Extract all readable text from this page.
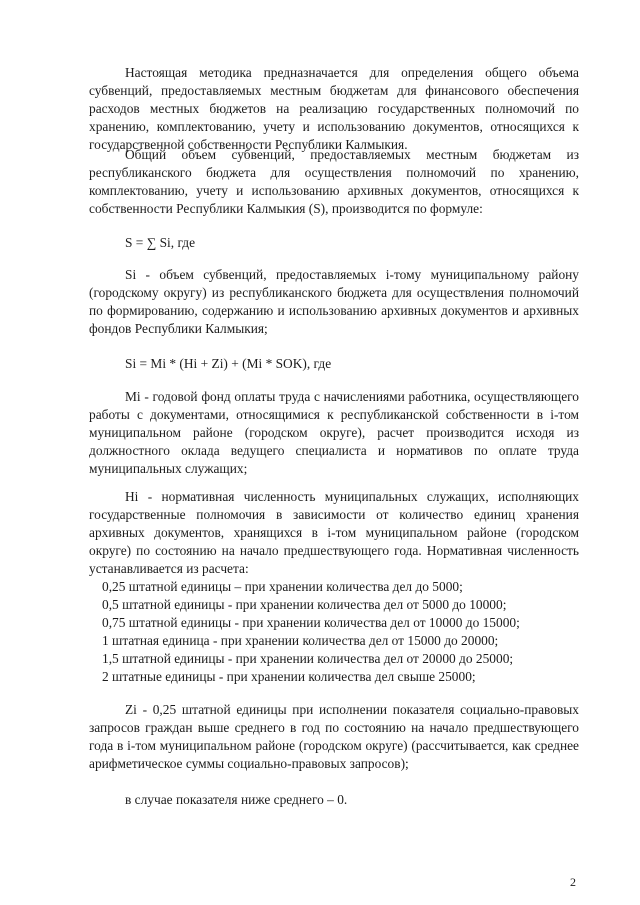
Настоящая методика предназначается для определения общего объема субвенций, предоставляемых местным бюджетам для финансового обеспечения расходов местных бюджетов на реализацию государственных полномочий по хранению, комплектованию, учету и использованию документов, относящихся к государственной собственности Республики Калмыкия.

Общий объем субвенций, предоставляемых местным бюджетам из республиканского бюджета для осуществления полномочий по хранению, комплектованию, учету и использованию архивных документов, относящихся к собственности Республики Калмыкия (S), производится по формуле:

S = ∑ Si, где

Si - объем субвенций, предоставляемых i-тому муниципальному району (городскому округу) из республиканского бюджета для осуществления полномочий по формированию, содержанию и использованию архивных документов и архивных фондов Республики Калмыкия;

Si = Mi * (Hi + Zi) + (Mi * SOK), где

Mi - годовой фонд оплаты труда с начислениями работника, осуществляющего работы с документами, относящимися к республиканской собственности в i-том муниципальном районе (городском округе), расчет производится исходя из должностного оклада ведущего специалиста и нормативов по оплате труда муниципальных служащих;

Hi - нормативная численность муниципальных служащих, исполняющих государственные полномочия в зависимости от количество единиц хранения архивных документов, хранящихся в i-том муниципальном районе (городском округе) по состоянию на начало предшествующего года. Нормативная численность устанавливается из расчета:

0,25 штатной единицы – при хранении количества дел до 5000;

0,5 штатной единицы - при хранении количества дел от 5000 до 10000;

0,75 штатной единицы - при хранении количества дел от 10000 до 15000;

1 штатная единица - при хранении количества дел от 15000 до 20000;

1,5 штатной единицы - при хранении количества дел от 20000 до 25000;

2 штатные единицы - при хранении количества дел свыше 25000;

Zi - 0,25 штатной единицы при исполнении показателя социально-правовых запросов граждан выше среднего в год по состоянию на начало предшествующего года в i-том муниципальном районе (городском округе) (рассчитывается, как среднее арифметическое суммы социально-правовых запросов);

в случае показателя ниже среднего – 0.

2
